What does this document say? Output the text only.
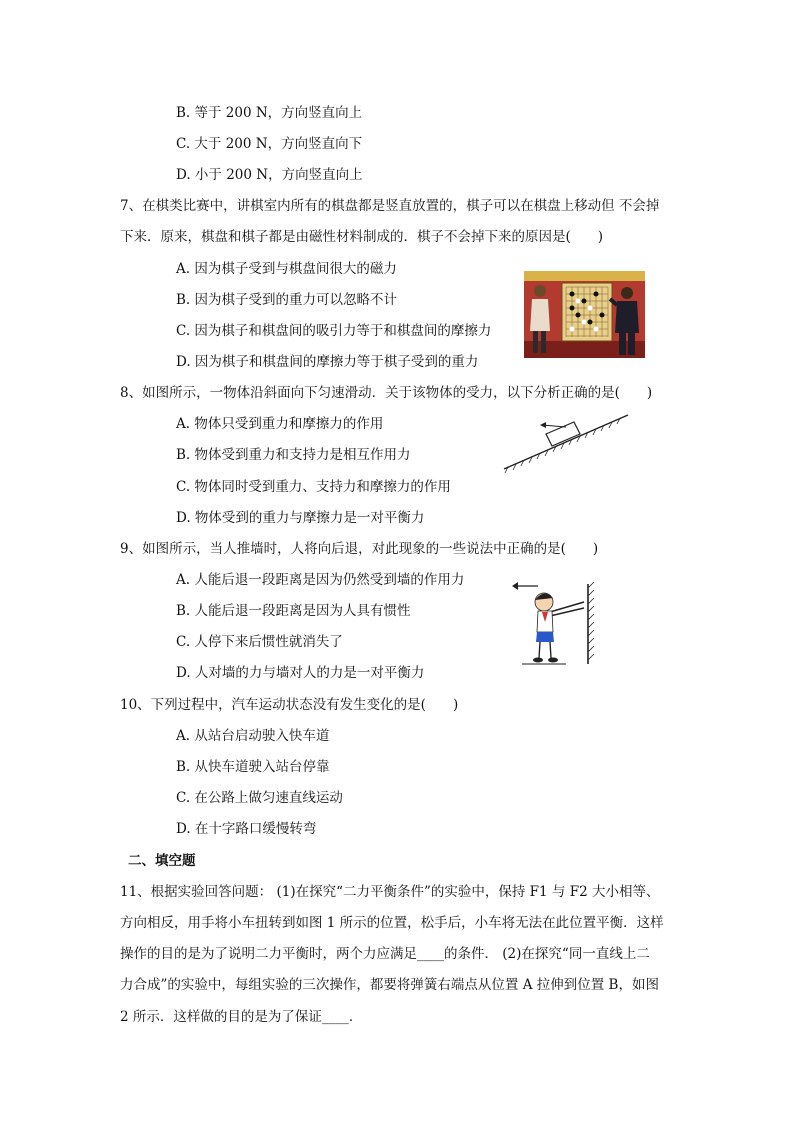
B. 等于 200 N，方向竖直向上
C. 大于 200 N，方向竖直向下
D. 小于 200 N，方向竖直向上
7、在棋类比赛中，讲棋室内所有的棋盘都是竖直放置的，棋子可以在棋盘上移动但 不会掉
下来．原来，棋盘和棋子都是由磁性材料制成的．棋子不会掉下来的原因是(　　)
A. 因为棋子受到与棋盘间很大的磁力
B. 因为棋子受到的重力可以忽略不计
C. 因为棋子和棋盘间的吸引力等于和棋盘间的摩擦力
D. 因为棋子和棋盘间的摩擦力等于棋子受到的重力
8、如图所示，一物体沿斜面向下匀速滑动．关于该物体的受力，以下分析正确的是(　　)
A. 物体只受到重力和摩擦力的作用
B. 物体受到重力和支持力是相互作用力
C. 物体同时受到重力、支持力和摩擦力的作用
D. 物体受到的重力与摩擦力是一对平衡力
9、如图所示，当人推墙时，人将向后退，对此现象的一些说法中正确的是(　　)
A. 人能后退一段距离是因为仍然受到墙的作用力
B. 人能后退一段距离是因为人具有惯性
C. 人停下来后惯性就消失了
D. 人对墙的力与墙对人的力是一对平衡力
10、下列过程中，汽车运动状态没有发生变化的是(　　)
A. 从站台启动驶入快车道
B. 从快车道驶入站台停靠
C. 在公路上做匀速直线运动
D. 在十字路口缓慢转弯
二、填空题
11、根据实验回答问题： (1)在探究“二力平衡条件”的实验中，保持 F1 与 F2 大小相等、
方向相反，用手将小车扭转到如图 1 所示的位置，松手后，小车将无法在此位置平衡．这样
操作的目的是为了说明二力平衡时，两个力应满足____的条件． (2)在探究“同一直线上二
力合成”的实验中，每组实验的三次操作，都要将弹簧右端点从位置 A 拉伸到位置 B，如图
2 所示．这样做的目的是为了保证____．
